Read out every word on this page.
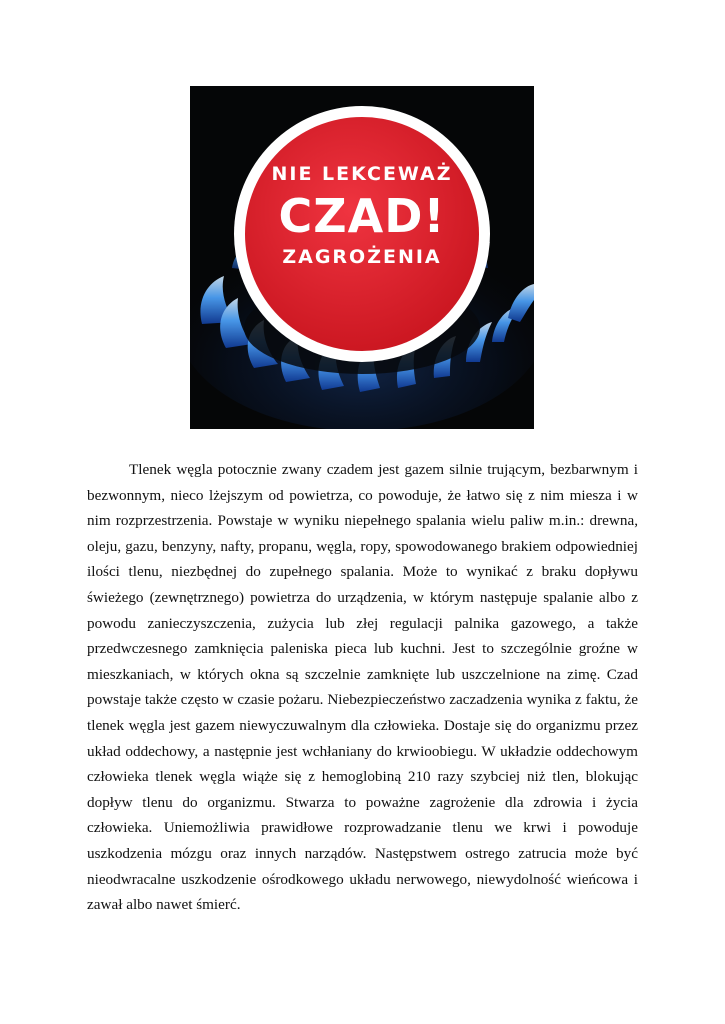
NIE LEKCEWAŻ
CZAD!
ZAGROŻENIA

Tlenek węgla potocznie zwany czadem jest gazem silnie trującym, bezbarwnym i bezwonnym, nieco lżejszym od powietrza, co powoduje, że łatwo się z nim miesza i w nim rozprzestrzenia. Powstaje w wyniku niepełnego spalania wielu paliw m.in.: drewna, oleju, gazu, benzyny, nafty, propanu, węgla, ropy, spowodowanego brakiem odpowiedniej ilości tlenu, niezbędnej do zupełnego spalania. Może to wynikać z braku dopływu świeżego (zewnętrznego) powietrza do urządzenia, w którym następuje spalanie albo z powodu zanieczyszczenia, zużycia lub złej regulacji palnika gazowego, a także przedwczesnego zamknięcia paleniska pieca lub kuchni. Jest to szczególnie groźne w mieszkaniach, w których okna są szczelnie zamknięte lub uszczelnione na zimę. Czad powstaje także często w czasie pożaru. Niebezpieczeństwo zaczadzenia wynika z faktu, że tlenek węgla jest gazem niewyczuwalnym dla człowieka. Dostaje się do organizmu przez układ oddechowy, a następnie jest wchłaniany do krwioobiegu. W układzie oddechowym człowieka tlenek węgla wiąże się z hemoglobiną 210 razy szybciej niż tlen, blokując dopływ tlenu do organizmu. Stwarza to poważne zagrożenie dla zdrowia i życia człowieka. Uniemożliwia prawidłowe rozprowadzanie tlenu we krwi i powoduje uszkodzenia mózgu oraz innych narządów. Następstwem ostrego zatrucia może być nieodwracalne uszkodzenie ośrodkowego układu nerwowego, niewydolność wieńcowa i zawał albo nawet śmierć.
